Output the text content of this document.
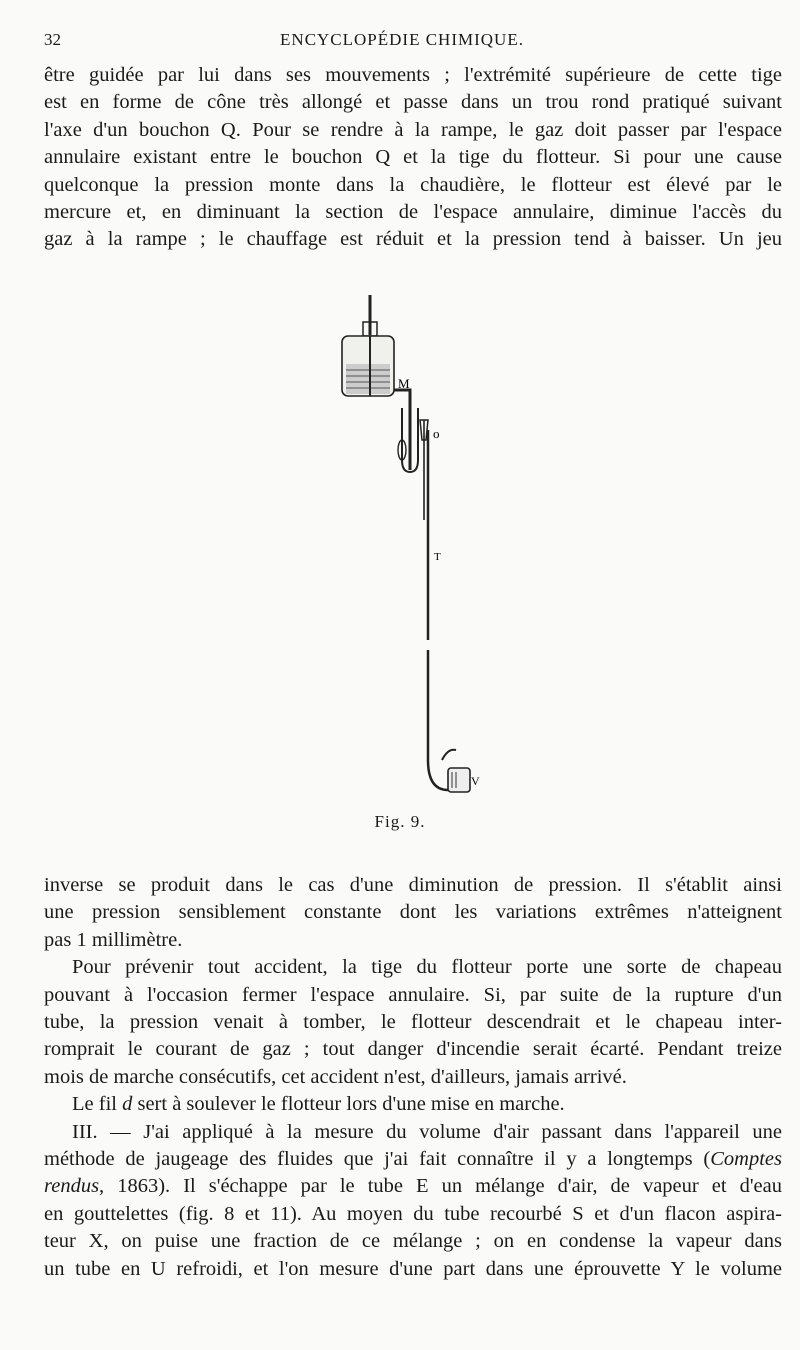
32	ENCYCLOPÉDIE CHIMIQUE.
être guidée par lui dans ses mouvements ; l'extrémité supérieure de cette tige
est en forme de cône très allongé et passe dans un trou rond pratiqué suivant
l'axe d'un bouchon Q. Pour se rendre à la rampe, le gaz doit passer par l'espace
annulaire existant entre le bouchon Q et la tige du flotteur. Si pour une cause
quelconque la pression monte dans la chaudière, le flotteur est élevé par le
mercure et, en diminuant la section de l'espace annulaire, diminue l'accès du
gaz à la rampe ; le chauffage est réduit et la pression tend à baisser. Un jeu
M
o
T
V
Fig. 9.
inverse se produit dans le cas d'une diminution de pression. Il s'établit ainsi
une pression sensiblement constante dont les variations extrêmes n'atteignent
pas 1 millimètre.
Pour prévenir tout accident, la tige du flotteur porte une sorte de chapeau
pouvant à l'occasion fermer l'espace annulaire. Si, par suite de la rupture d'un
tube, la pression venait à tomber, le flotteur descendrait et le chapeau inter-
romprait le courant de gaz ; tout danger d'incendie serait écarté. Pendant treize
mois de marche consécutifs, cet accident n'est, d'ailleurs, jamais arrivé.
Le fil d sert à soulever le flotteur lors d'une mise en marche.
III. — J'ai appliqué à la mesure du volume d'air passant dans l'appareil une
méthode de jaugeage des fluides que j'ai fait connaître il y a longtemps (Comptes
rendus, 1863). Il s'échappe par le tube E un mélange d'air, de vapeur et d'eau
en gouttelettes (fig. 8 et 11). Au moyen du tube recourbé S et d'un flacon aspira-
teur X, on puise une fraction de ce mélange ; on en condense la vapeur dans
un tube en U refroidi, et l'on mesure d'une part dans une éprouvette Y le volume
